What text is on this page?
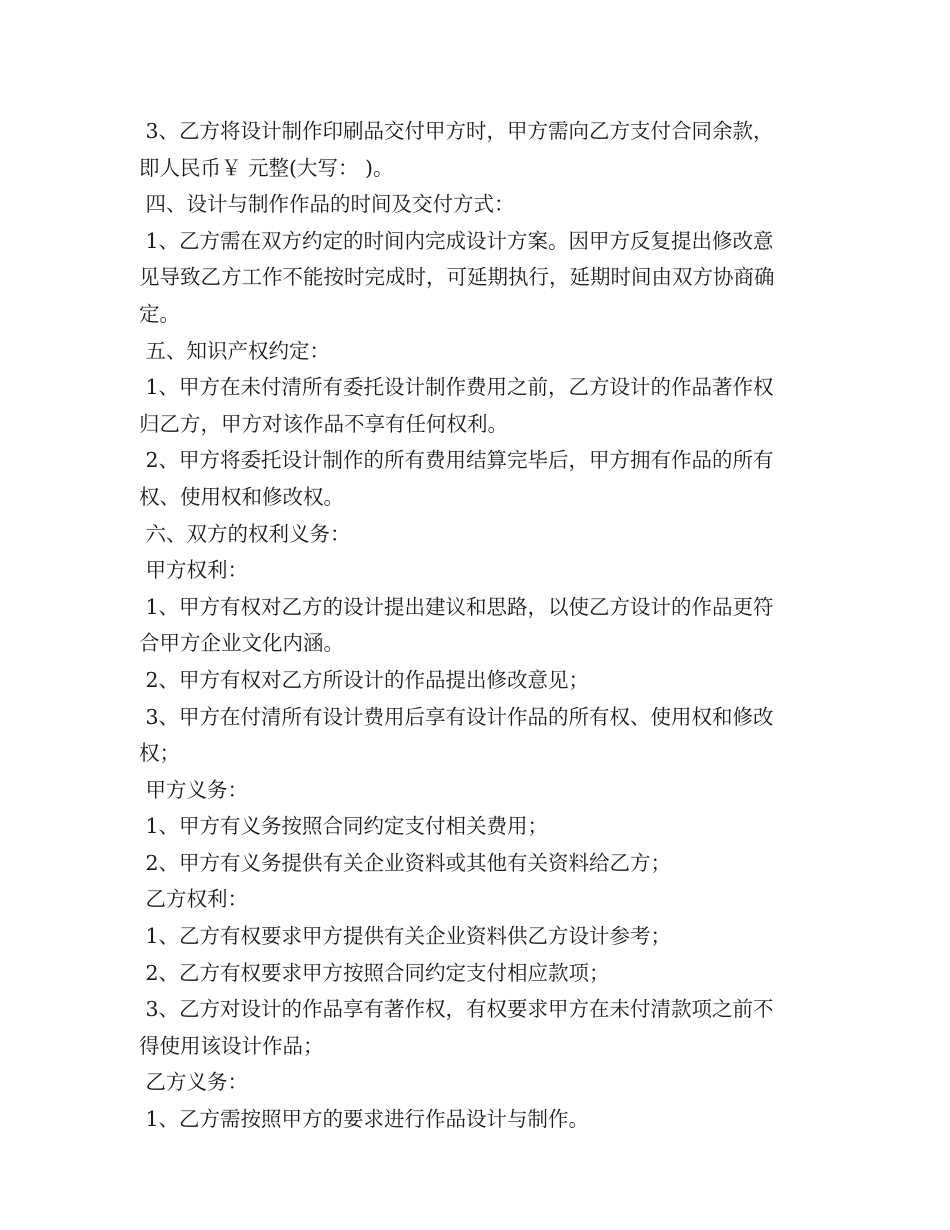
3、乙方将设计制作印刷品交付甲方时，甲方需向乙方支付合同余款，
即人民币￥ 元整(大写： )。
四、设计与制作作品的时间及交付方式：
1、乙方需在双方约定的时间内完成设计方案。因甲方反复提出修改意
见导致乙方工作不能按时完成时，可延期执行，延期时间由双方协商确
定。
五、知识产权约定：
1、甲方在未付清所有委托设计制作费用之前，乙方设计的作品著作权
归乙方，甲方对该作品不享有任何权利。
2、甲方将委托设计制作的所有费用结算完毕后，甲方拥有作品的所有
权、使用权和修改权。
六、双方的权利义务：
甲方权利：
1、甲方有权对乙方的设计提出建议和思路，以使乙方设计的作品更符
合甲方企业文化内涵。
2、甲方有权对乙方所设计的作品提出修改意见；
3、甲方在付清所有设计费用后享有设计作品的所有权、使用权和修改
权；
甲方义务：
1、甲方有义务按照合同约定支付相关费用；
2、甲方有义务提供有关企业资料或其他有关资料给乙方；
乙方权利：
1、乙方有权要求甲方提供有关企业资料供乙方设计参考；
2、乙方有权要求甲方按照合同约定支付相应款项；
3、乙方对设计的作品享有著作权，有权要求甲方在未付清款项之前不
得使用该设计作品；
乙方义务：
1、乙方需按照甲方的要求进行作品设计与制作。
